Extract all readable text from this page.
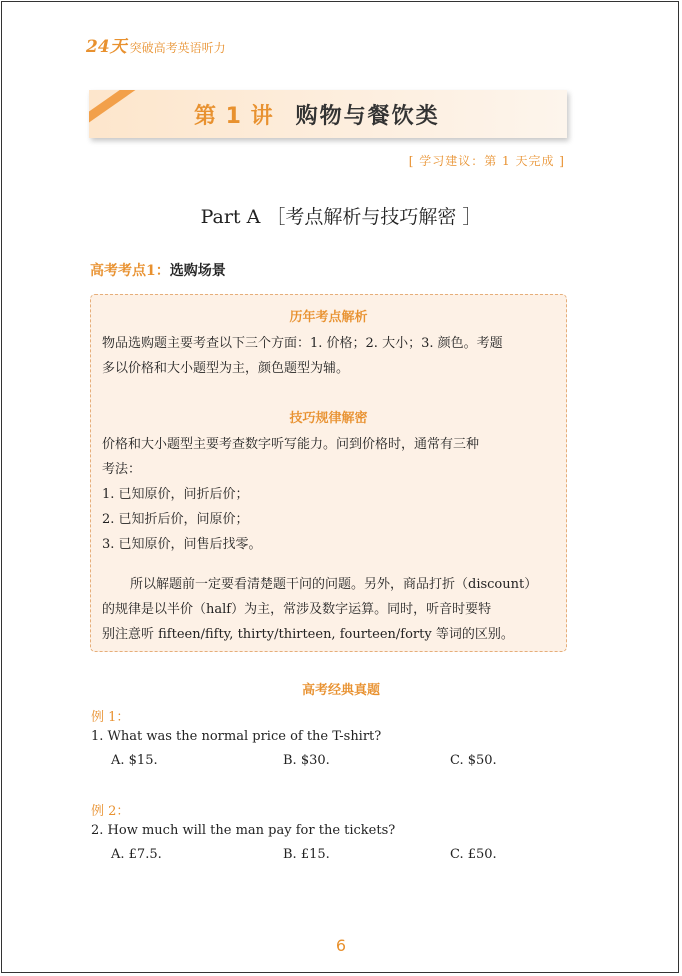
24天 突破高考英语听力
第 1 讲 购物与餐饮类
[ 学习建议：第 1 天完成 ]
Part A ［考点解析与技巧解密 ］
高考考点1：选购场景
历年考点解析
物品选购题主要考查以下三个方面：1. 价格；2. 大小；3. 颜色。考题
多以价格和大小题型为主，颜色题型为辅。
技巧规律解密
价格和大小题型主要考查数字听写能力。问到价格时，通常有三种
考法：
1. 已知原价，问折后价；
2. 已知折后价，问原价；
3. 已知原价，问售后找零。
所以解题前一定要看清楚题干问的问题。另外，商品打折（discount）
的规律是以半价（half）为主，常涉及数字运算。同时，听音时要特
别注意听 fifteen/fifty, thirty/thirteen, fourteen/forty 等词的区别。
高考经典真题
例 1：
1. What was the normal price of the T-shirt?
A. $15.	B. $30.	C. $50.
例 2：
2. How much will the man pay for the tickets?
A. £7.5.	B. £15.	C. £50.
6
